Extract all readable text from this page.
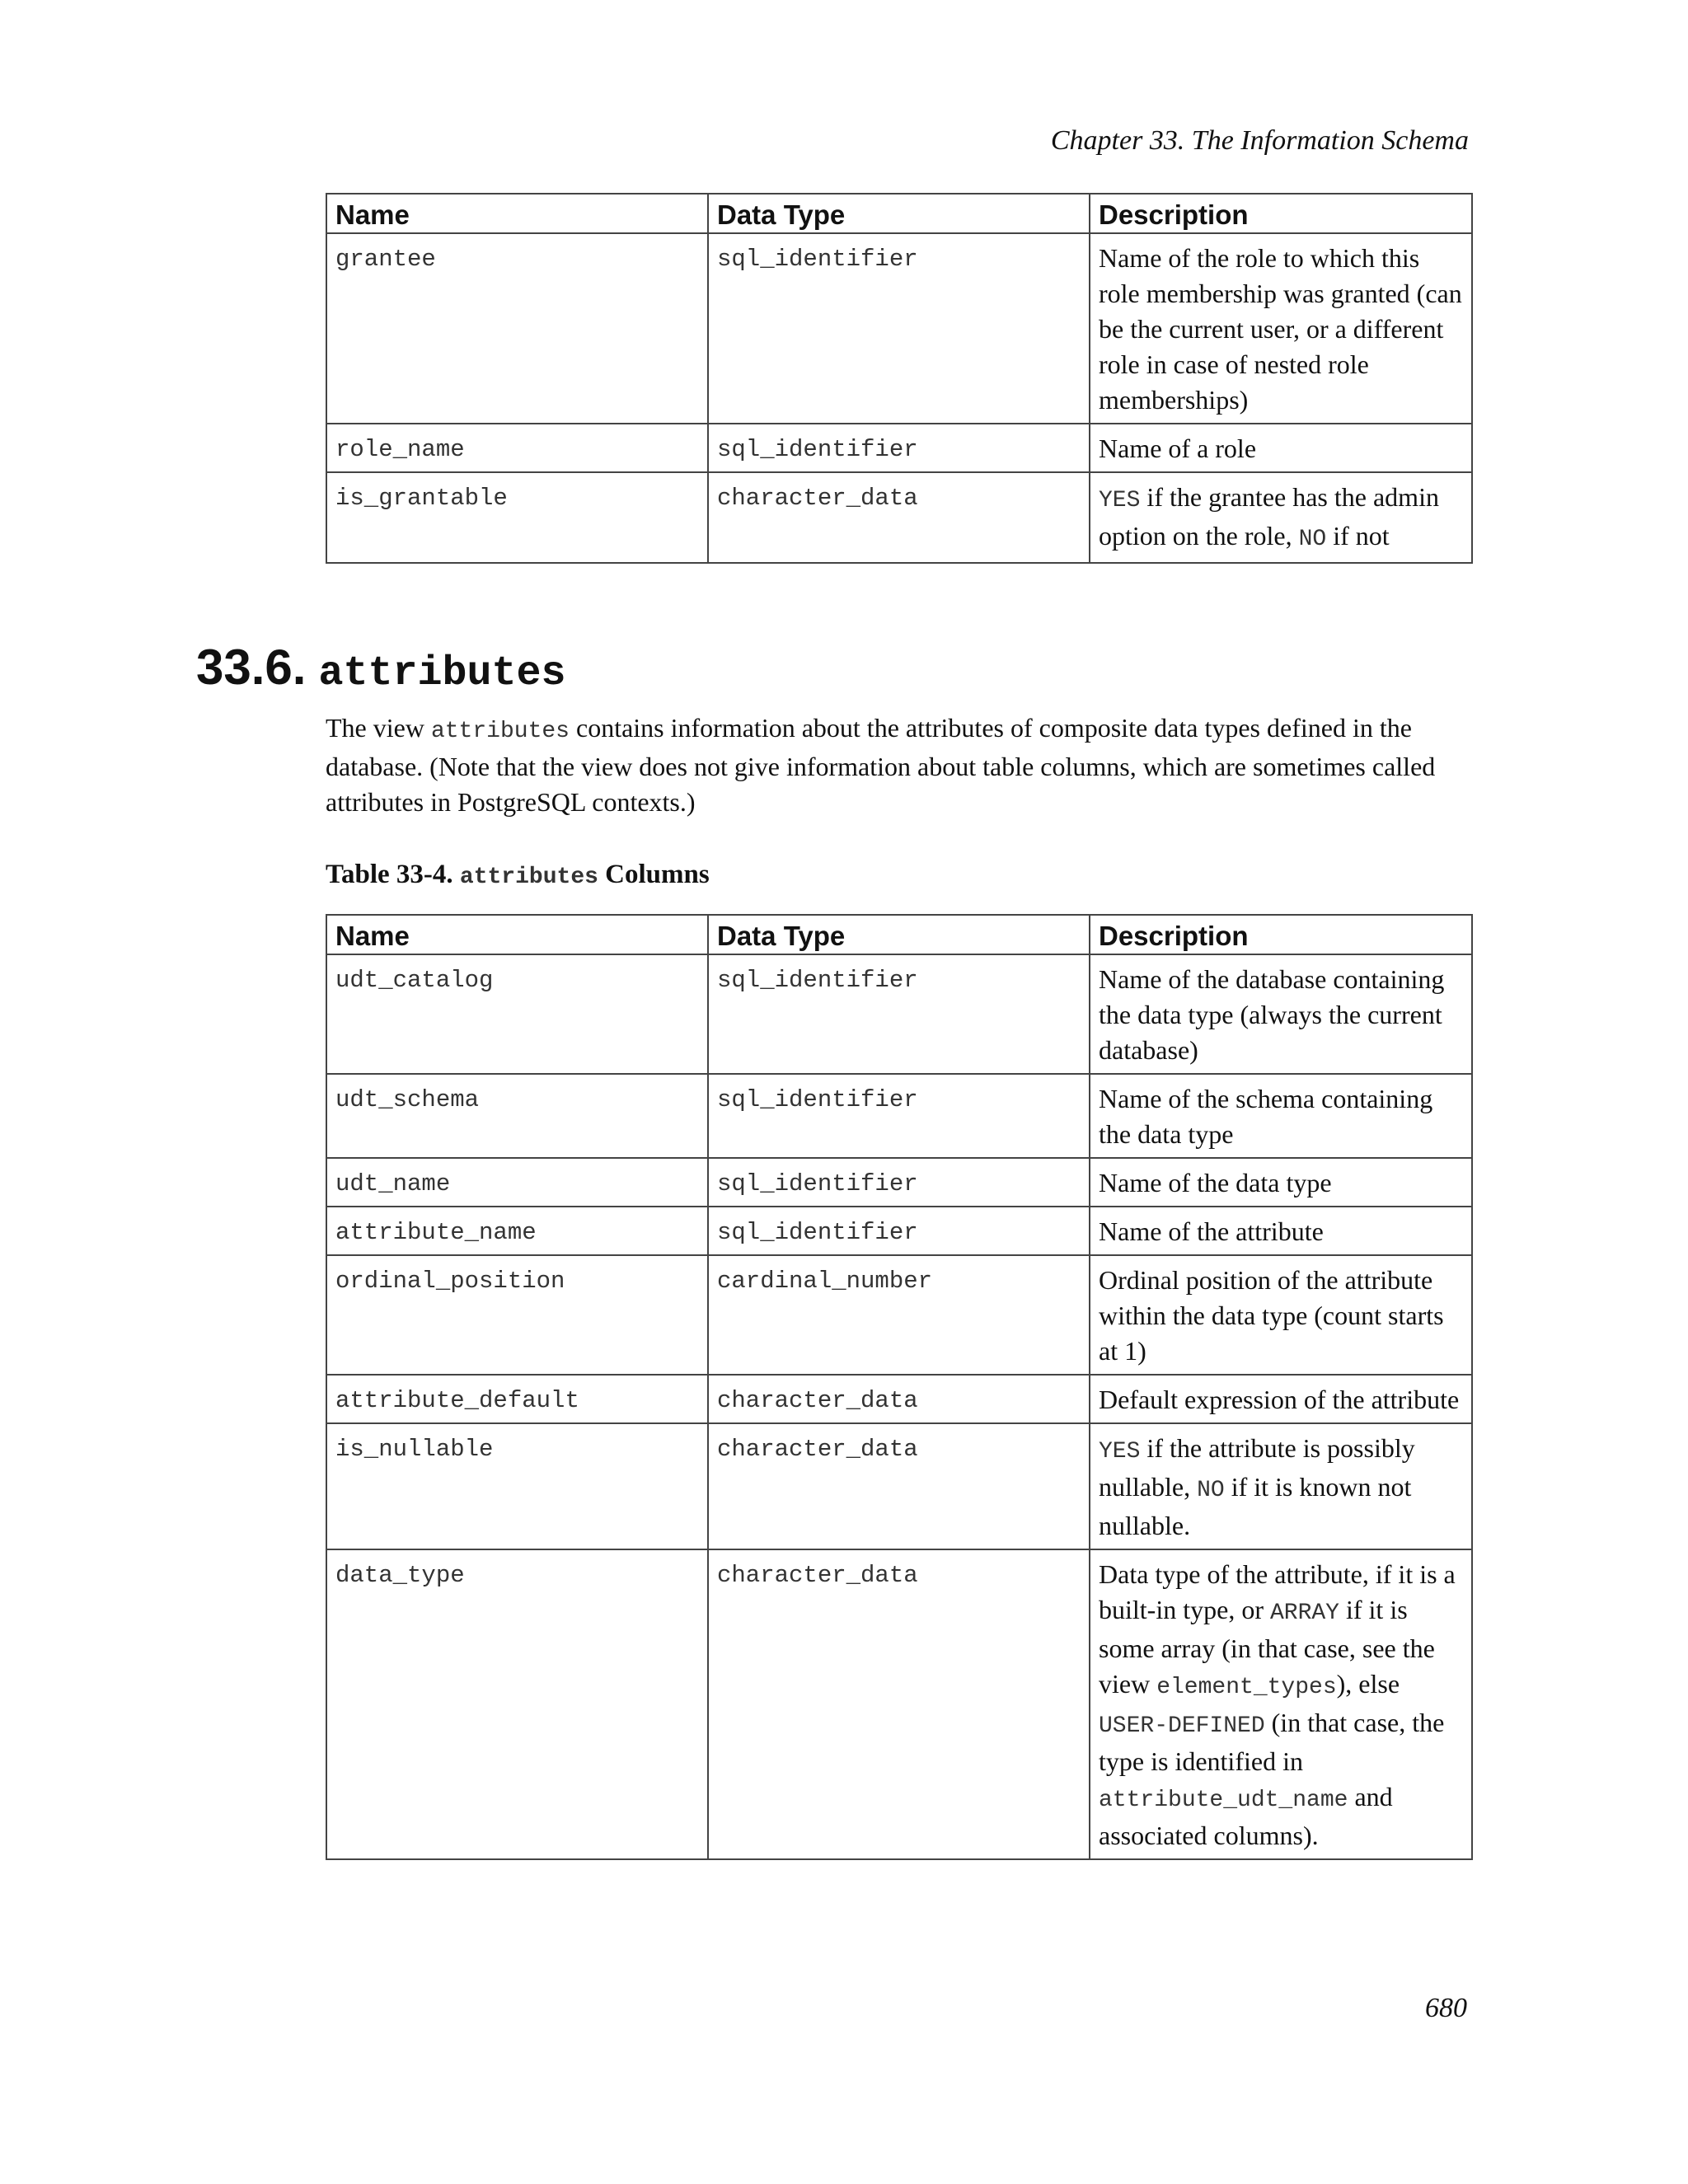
Chapter 33. The Information Schema
Name	Data Type	Description
grantee	sql_identifier	Name of the role to which this role membership was granted (can be the current user, or a different role in case of nested role memberships)
role_name	sql_identifier	Name of a role
is_grantable	character_data	YES if the grantee has the admin option on the role, NO if not
33.6. attributes

The view attributes contains information about the attributes of composite data types defined in the database. (Note that the view does not give information about table columns, which are sometimes called attributes in PostgreSQL contexts.)

Table 33-4. attributes Columns

Name	Data Type	Description
udt_catalog	sql_identifier	Name of the database containing the data type (always the current database)
udt_schema	sql_identifier	Name of the schema containing the data type
udt_name	sql_identifier	Name of the data type
attribute_name	sql_identifier	Name of the attribute
ordinal_position	cardinal_number	Ordinal position of the attribute within the data type (count starts at 1)
attribute_default	character_data	Default expression of the attribute
is_nullable	character_data	YES if the attribute is possibly nullable, NO if it is known not nullable.
data_type	character_data	Data type of the attribute, if it is a built-in type, or ARRAY if it is some array (in that case, see the view element_types), else USER-DEFINED (in that case, the type is identified in attribute_udt_name and associated columns).
680
